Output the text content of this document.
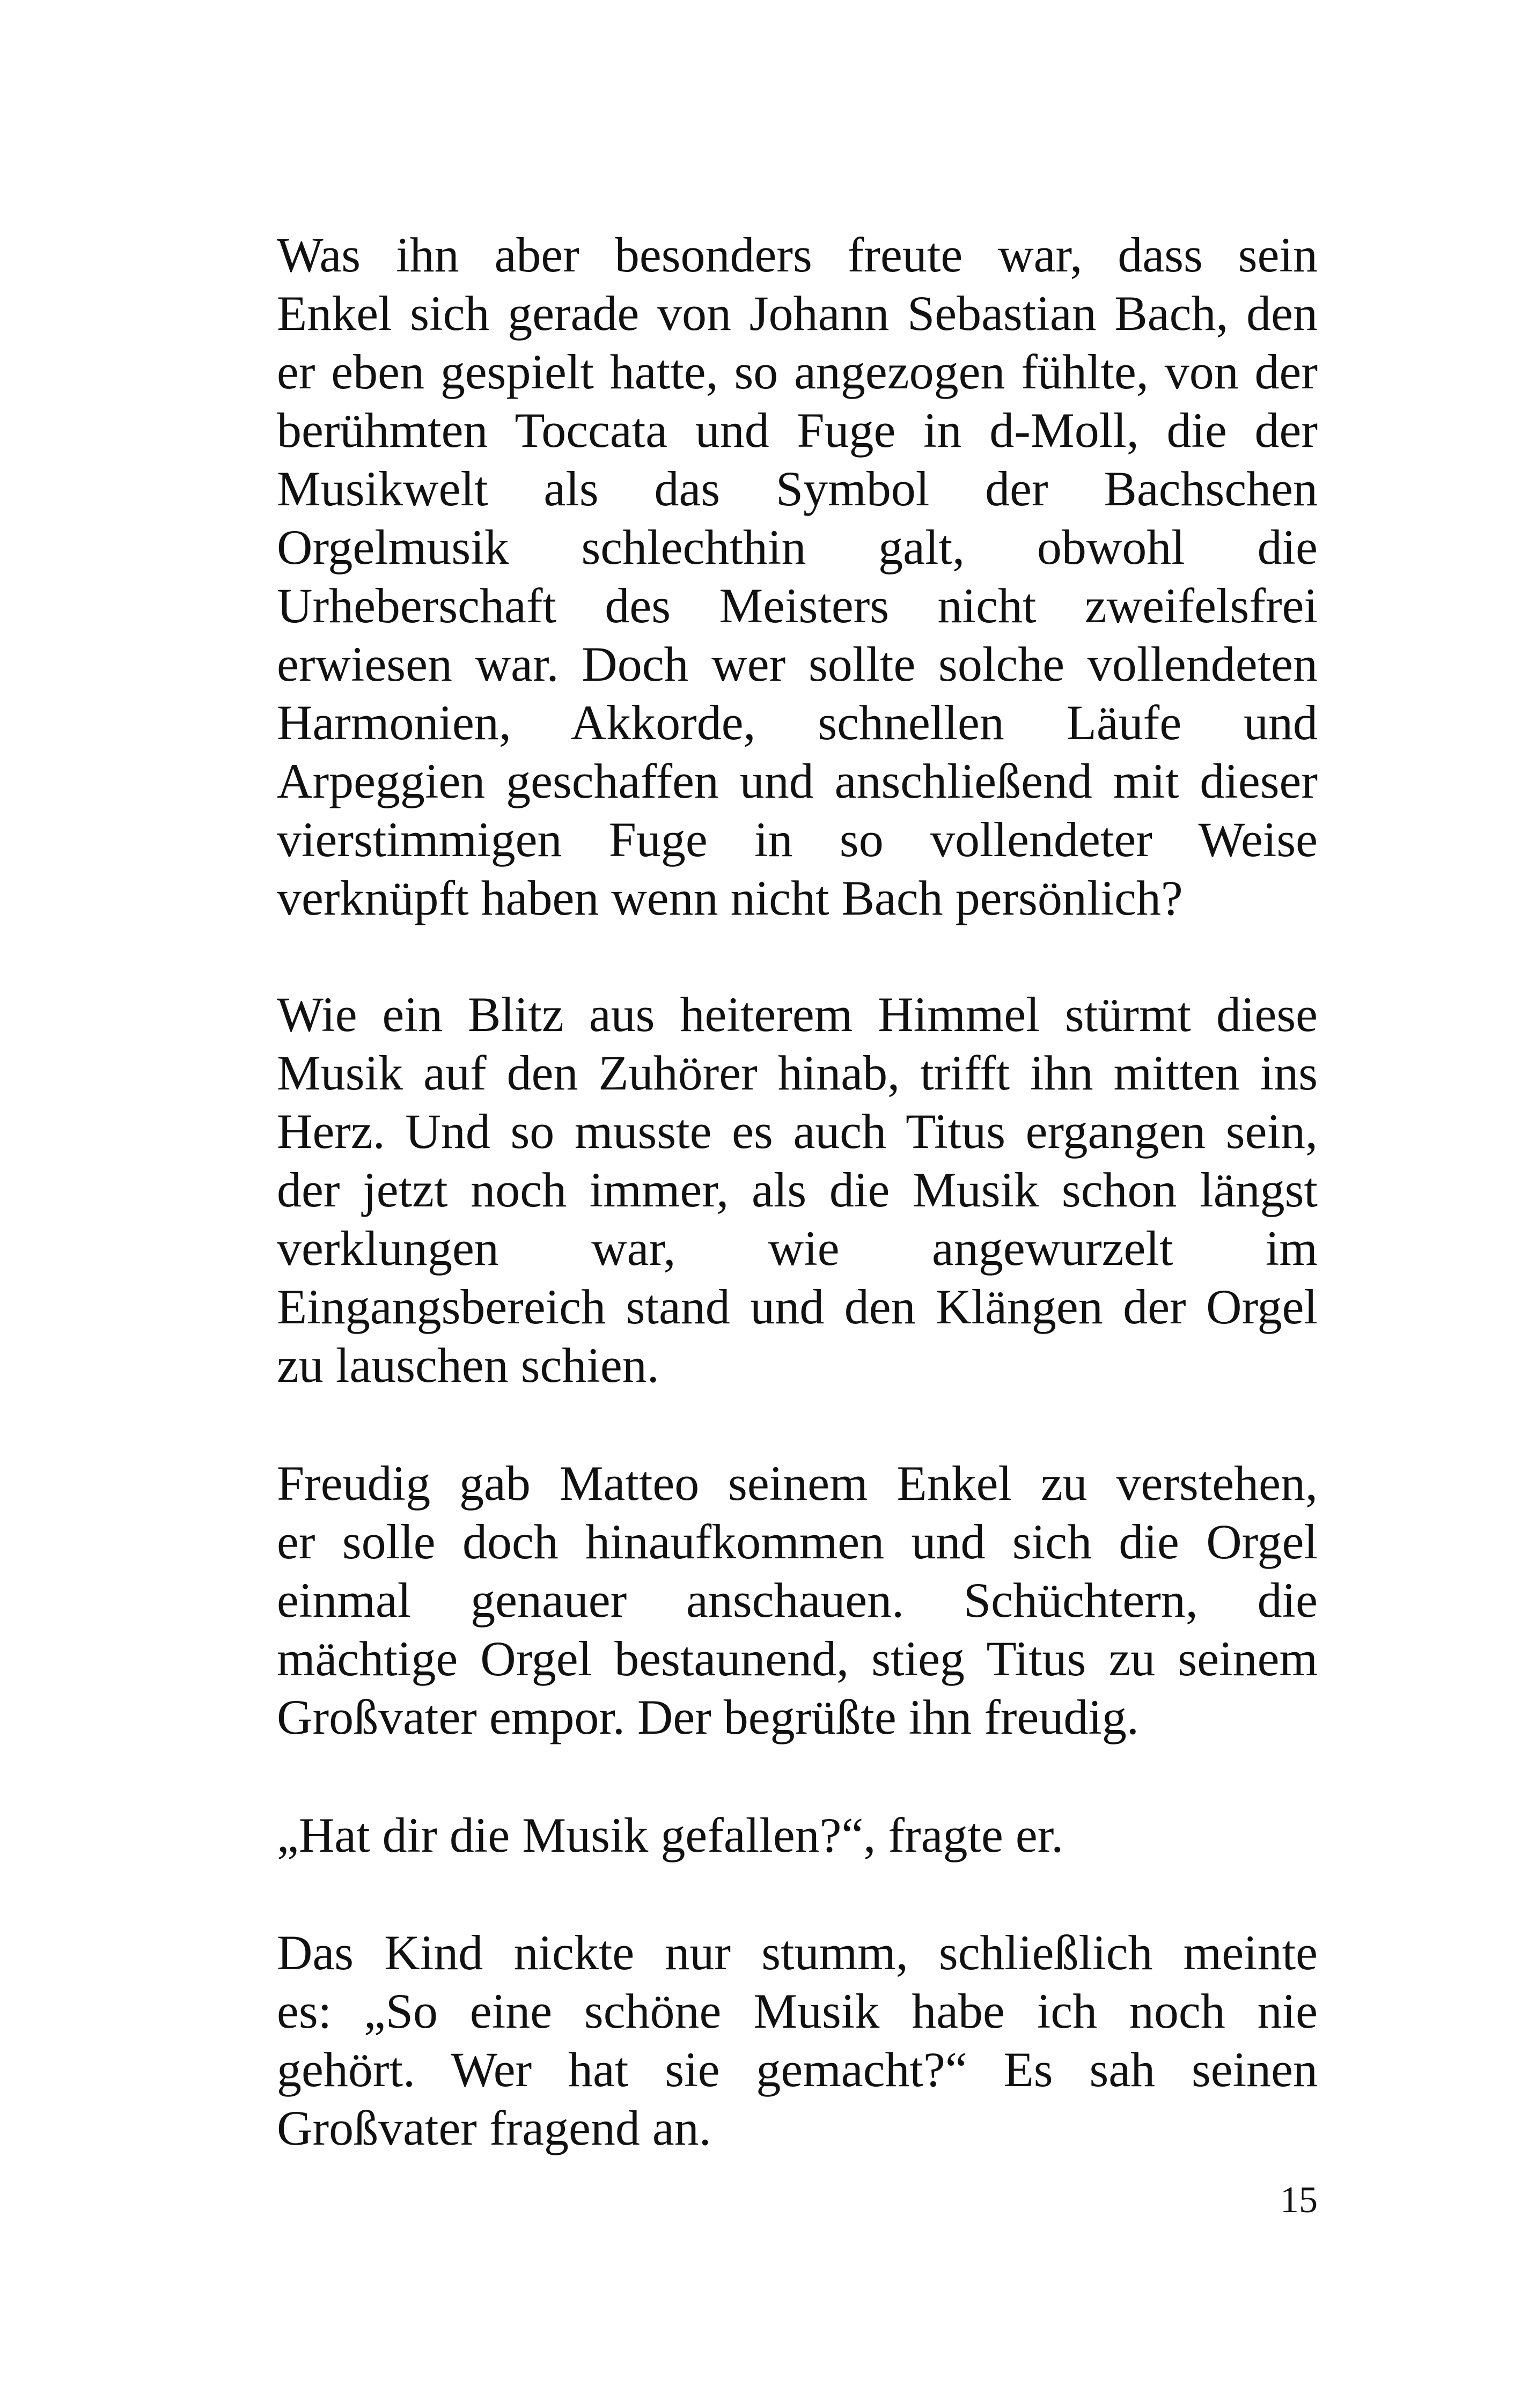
Was ihn aber besonders freute war, dass sein
Enkel sich gerade von Johann Sebastian Bach, den
er eben gespielt hatte, so angezogen fühlte, von der
berühmten Toccata und Fuge in d-Moll, die der
Musikwelt als das Symbol der Bachschen
Orgelmusik schlechthin galt, obwohl die
Urheberschaft des Meisters nicht zweifelsfrei
erwiesen war. Doch wer sollte solche vollendeten
Harmonien, Akkorde, schnellen Läufe und
Arpeggien geschaffen und anschließend mit dieser
vierstimmigen Fuge in so vollendeter Weise
verknüpft haben wenn nicht Bach persönlich?

Wie ein Blitz aus heiterem Himmel stürmt diese
Musik auf den Zuhörer hinab, trifft ihn mitten ins
Herz. Und so musste es auch Titus ergangen sein,
der jetzt noch immer, als die Musik schon längst
verklungen war, wie angewurzelt im
Eingangsbereich stand und den Klängen der Orgel
zu lauschen schien.

Freudig gab Matteo seinem Enkel zu verstehen,
er solle doch hinaufkommen und sich die Orgel
einmal genauer anschauen. Schüchtern, die
mächtige Orgel bestaunend, stieg Titus zu seinem
Großvater empor. Der begrüßte ihn freudig.

„Hat dir die Musik gefallen?“, fragte er.

Das Kind nickte nur stumm, schließlich meinte
es: „So eine schöne Musik habe ich noch nie
gehört. Wer hat sie gemacht?“ Es sah seinen
Großvater fragend an.

15
